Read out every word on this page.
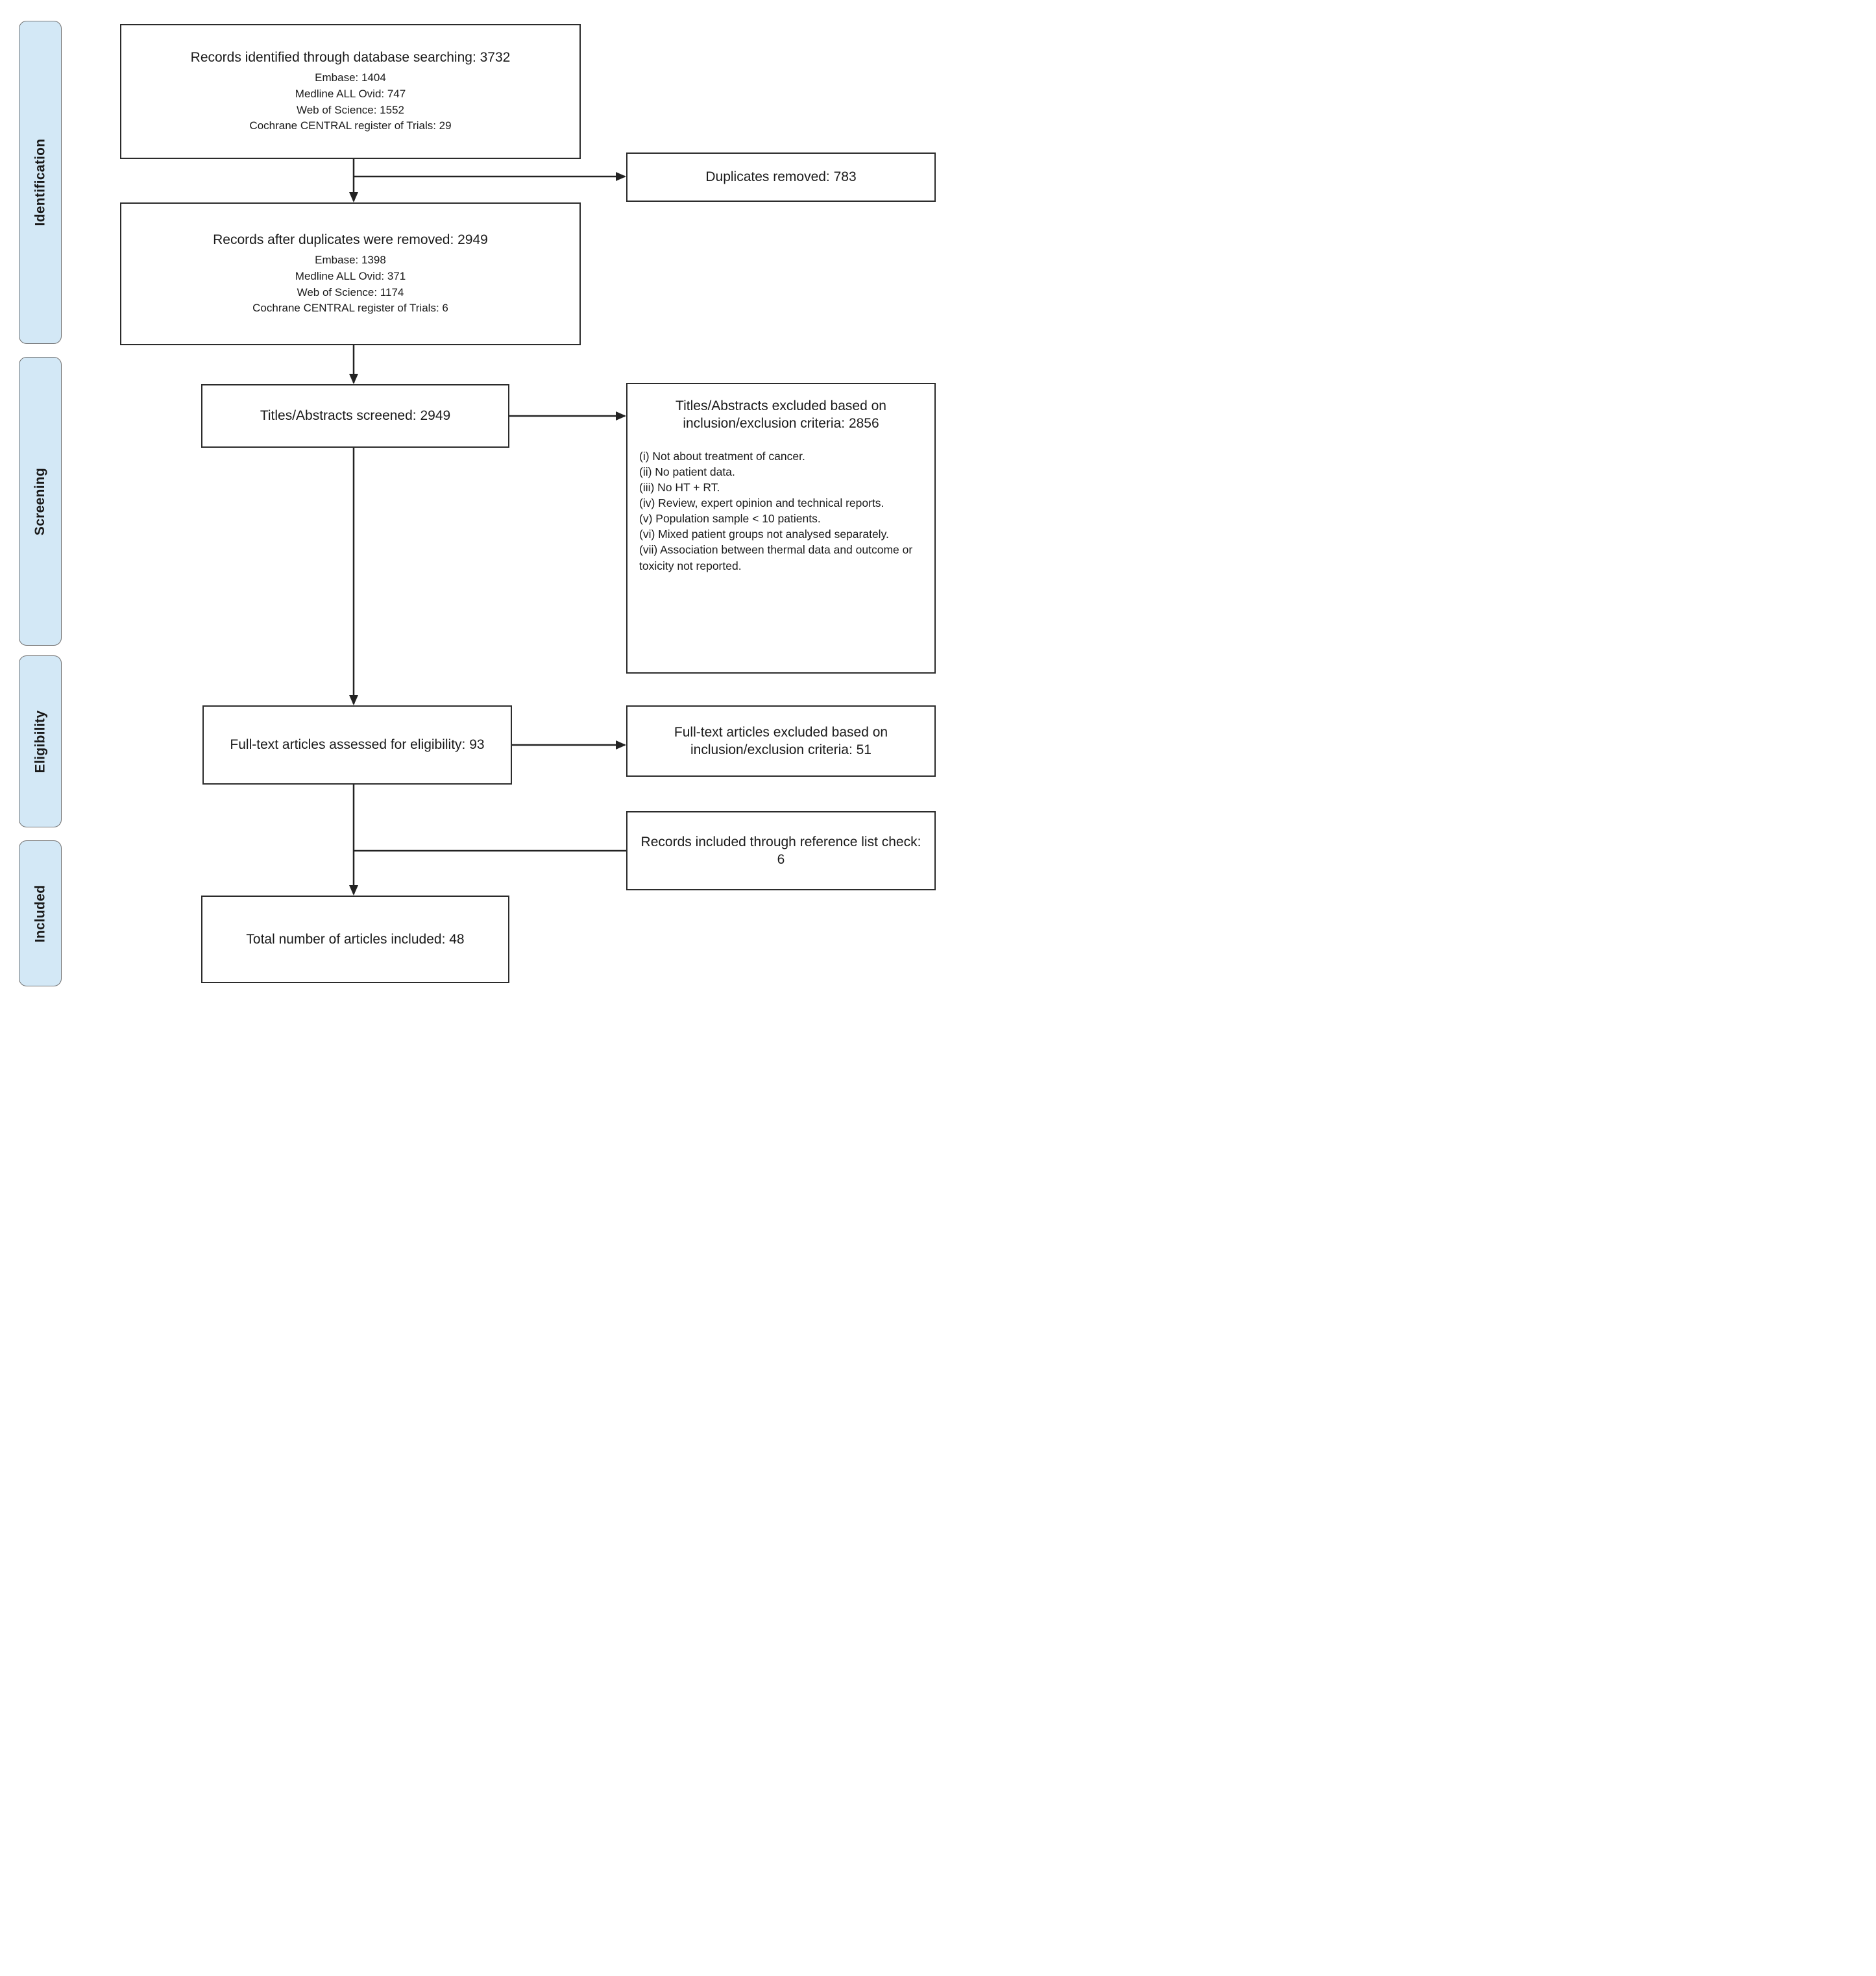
Identification
Screening
Eligibility
Included
Records identified through database searching: 3732
Embase: 1404
Medline ALL Ovid: 747
Web of Science: 1552
Cochrane CENTRAL register of Trials: 29
Duplicates removed: 783
Records after duplicates were removed: 2949
Embase: 1398
Medline ALL Ovid: 371
Web of Science: 1174
Cochrane CENTRAL register of Trials: 6
Titles/Abstracts screened: 2949
Titles/Abstracts excluded based on inclusion/exclusion criteria: 2856
(i) Not about treatment of cancer.
(ii) No patient data.
(iii) No HT + RT.
(iv) Review, expert opinion and technical reports.
(v) Population sample < 10 patients.
(vi) Mixed patient groups not analysed separately.
(vii) Association between thermal data and outcome or toxicity not reported.
Full-text articles assessed for eligibility: 93
Full-text articles excluded based on inclusion/exclusion criteria: 51
Records included through reference list check: 6
Total number of articles included: 48
